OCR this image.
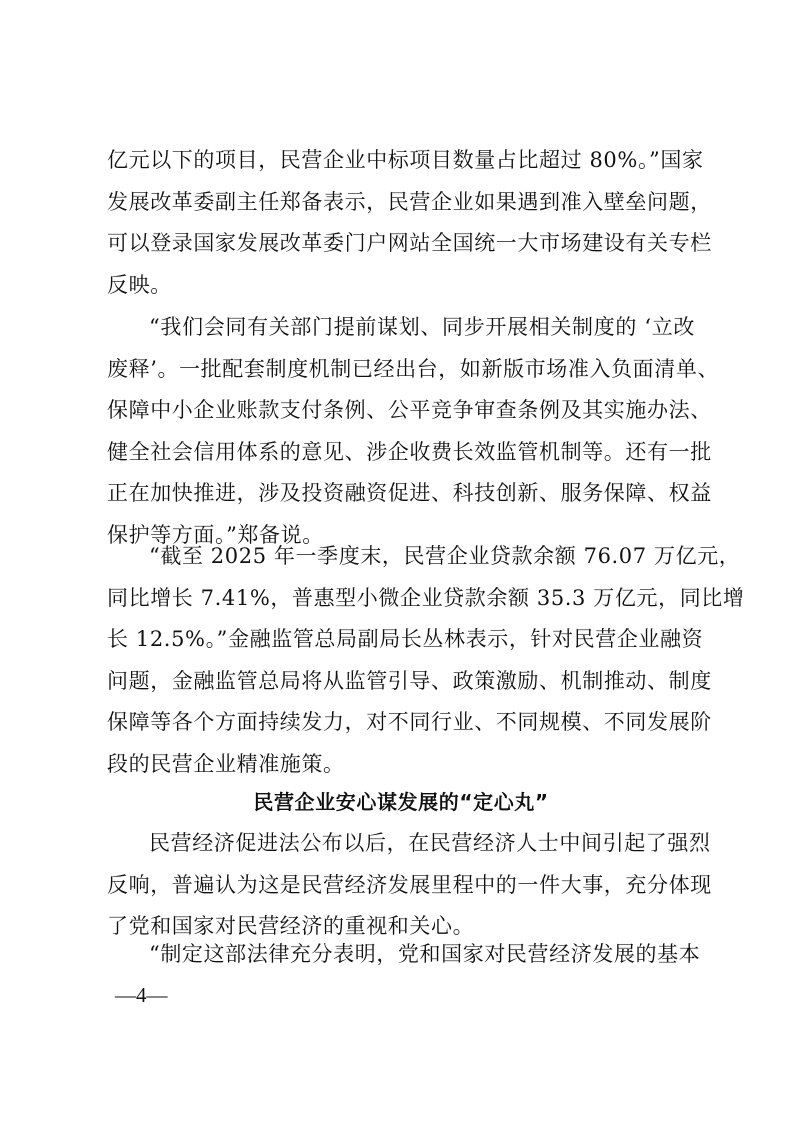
亿元以下的项目，民营企业中标项目数量占比超过 80%。”国家
发展改革委副主任郑备表示，民营企业如果遇到准入壁垒问题，
可以登录国家发展改革委门户网站全国统一大市场建设有关专栏
反映。
“我们会同有关部门提前谋划、同步开展相关制度的 ‘立改
废释’。一批配套制度机制已经出台，如新版市场准入负面清单、
保障中小企业账款支付条例、公平竞争审查条例及其实施办法、
健全社会信用体系的意见、涉企收费长效监管机制等。还有一批
正在加快推进，涉及投资融资促进、科技创新、服务保障、权益
保护等方面。”郑备说。
“截至 2025 年一季度末，民营企业贷款余额 76.07 万亿元，
同比增长 7.41%，普惠型小微企业贷款余额 35.3 万亿元，同比增
长 12.5%。”金融监管总局副局长丛林表示，针对民营企业融资
问题，金融监管总局将从监管引导、政策激励、机制推动、制度
保障等各个方面持续发力，对不同行业、不同规模、不同发展阶
段的民营企业精准施策。
民营企业安心谋发展的“定心丸”
民营经济促进法公布以后，在民营经济人士中间引起了强烈
反响，普遍认为这是民营经济发展里程中的一件大事，充分体现
了党和国家对民营经济的重视和关心。
“制定这部法律充分表明，党和国家对民营经济发展的基本
—4—
